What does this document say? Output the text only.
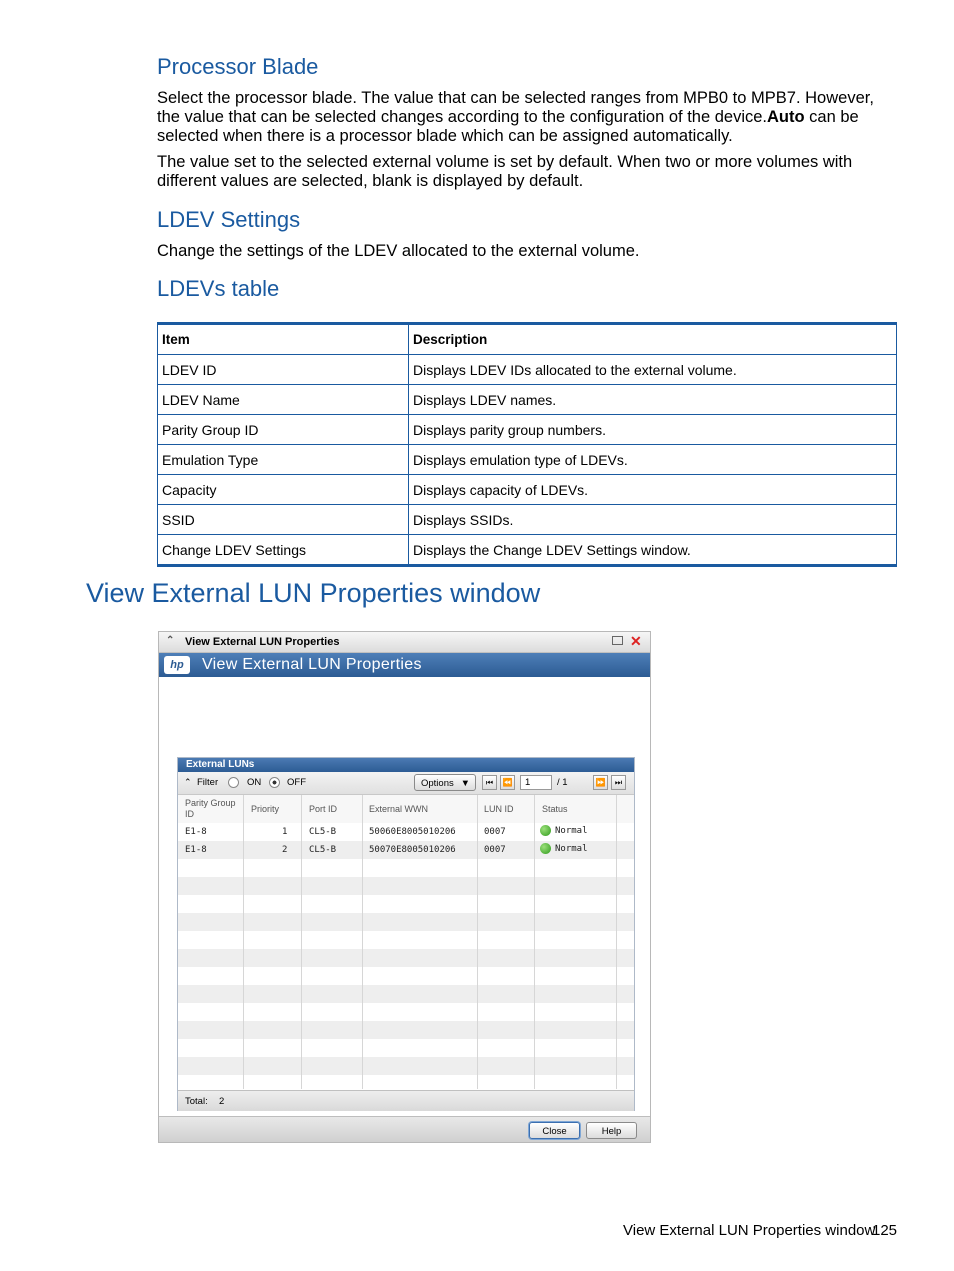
Processor Blade
Select the processor blade. The value that can be selected ranges from MPB0 to MPB7. However, the value that can be selected changes according to the configuration of the device.Auto can be selected when there is a processor blade which can be assigned automatically.
The value set to the selected external volume is set by default. When two or more volumes with different values are selected, blank is displayed by default.
LDEV Settings
Change the settings of the LDEV allocated to the external volume.
LDEVs table
Item	Description
LDEV ID	Displays LDEV IDs allocated to the external volume.
LDEV Name	Displays LDEV names.
Parity Group ID	Displays parity group numbers.
Emulation Type	Displays emulation type of LDEVs.
Capacity	Displays capacity of LDEVs.
SSID	Displays SSIDs.
Change LDEV Settings	Displays the Change LDEV Settings window.
View External LUN Properties window
⌃ View External LUN Properties	✕
hp	View External LUN Properties
External LUNs
⌃ Filter	ON	OFF	Options ▼	⏮	⏪	1	/ 1	⏩	⏭
Parity Group ID	Priority	Port ID	External WWN	LUN ID	Status
E1-8	1 CL5-B	50060E8005010206	0007	Normal
E1-8	2 CL5-B	50070E8005010206	0007	Normal
Total: 2
Close	Help
View External LUN Properties window
125
